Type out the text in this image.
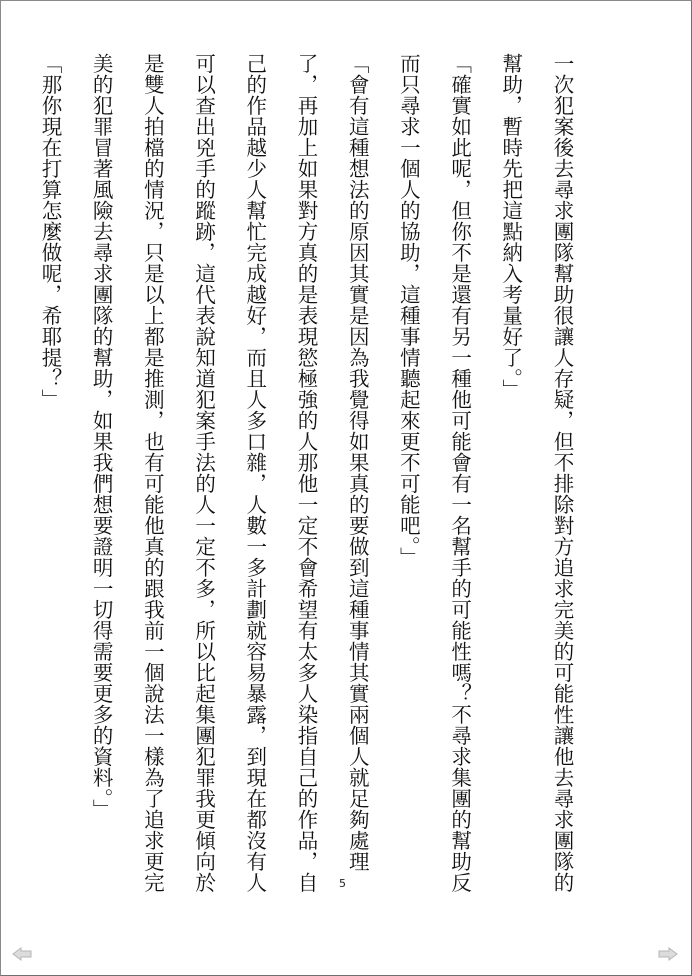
一次犯案後去尋求團隊幫助很讓人存疑，但不排除對方追求完美的可能性讓他去尋求團隊的幫助，暫時先把這點納入考量好了。」

「確實如此呢，但你不是還有另一種他可能會有一名幫手的可能性嗎？不尋求集團的幫助反而只尋求一個人的協助，這種事情聽起來更不可能吧。」

「會有這種想法的原因其實是因為我覺得如果真的要做到這種事情其實兩個人就足夠處理了，再加上如果對方真的是表現慾極強的人那他一定不會希望有太多人染指自己的作品，自己的作品越少人幫忙完成越好，而且人多口雜，人數一多計劃就容易暴露，到現在都沒有人可以查出兇手的蹤跡，這代表說知道犯案手法的人一定不多，所以比起集團犯罪我更傾向於是雙人拍檔的情況，只是以上都是推測，也有可能他真的跟我前一個說法一樣為了追求更完美的犯罪冒著風險去尋求團隊的幫助，如果我們想要證明一切得需要更多的資料。」

「那你現在打算怎麼做呢，希耶提？」

5
